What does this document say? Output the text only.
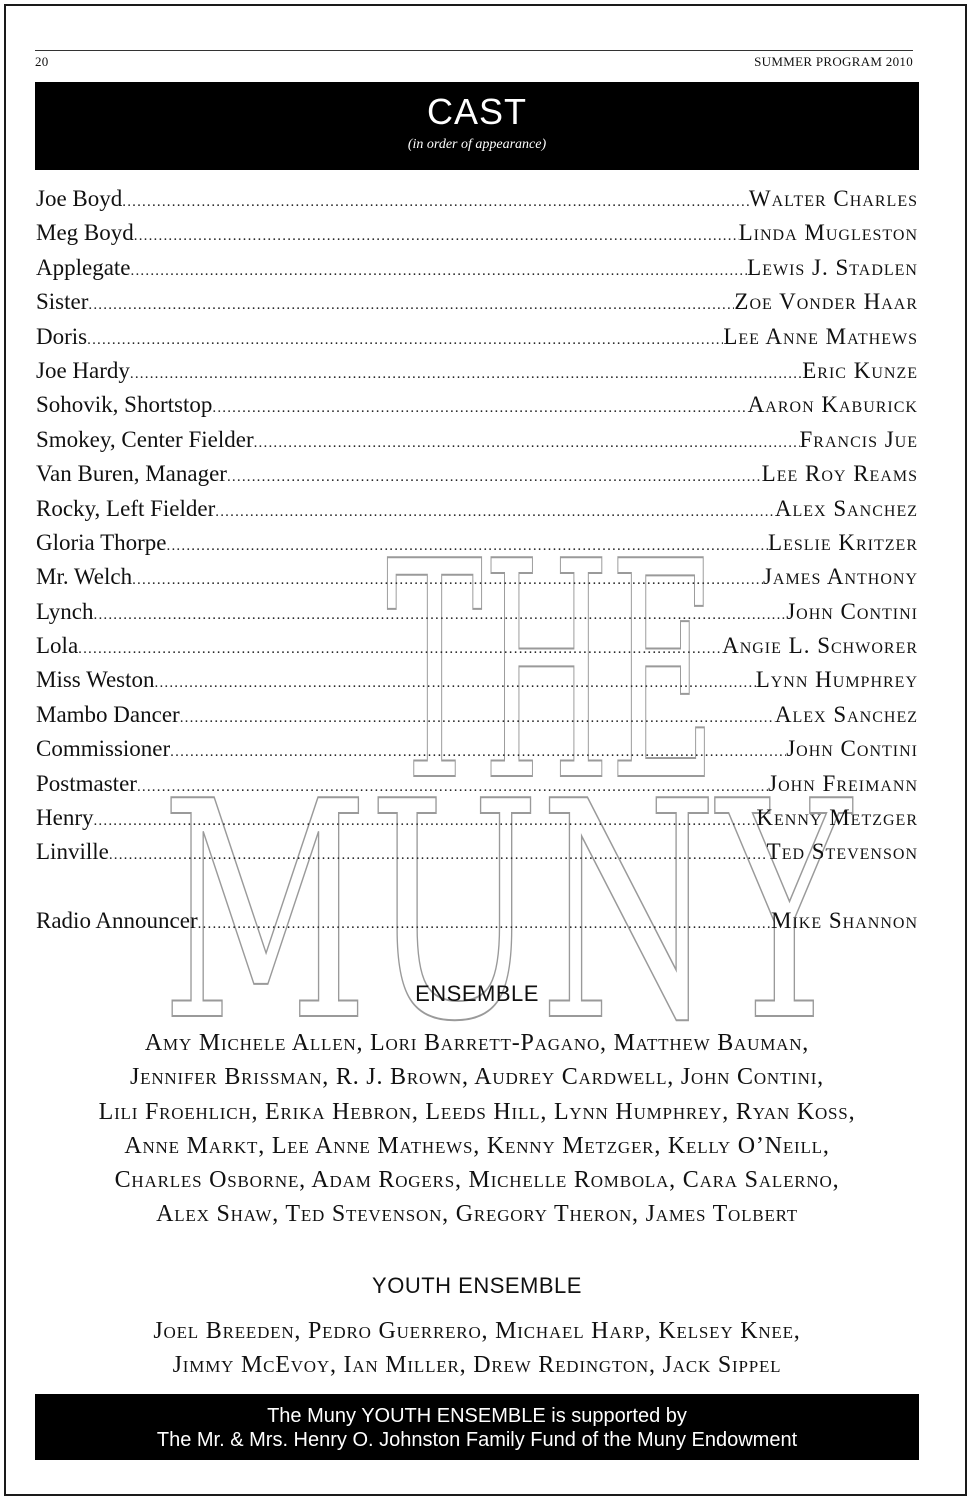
THE
MUNY
20	SUMMER PROGRAM 2010
CAST
(in order of appearance)
Joe Boyd .....	Walter Charles
Meg Boyd .....	Linda Mugleston
Applegate .....	Lewis J. Stadlen
Sister .....	Zoe Vonder Haar
Doris .....	Lee Anne Mathews
Joe Hardy .....	Eric Kunze
Sohovik, Shortstop .....	Aaron Kaburick
Smokey, Center Fielder .....	Francis Jue
Van Buren, Manager .....	Lee Roy Reams
Rocky, Left Fielder .....	Alex Sanchez
Gloria Thorpe .....	Leslie Kritzer
Mr. Welch .....	James Anthony
Lynch .....	John Contini
Lola .....	Angie L. Schworer
Miss Weston .....	Lynn Humphrey
Mambo Dancer .....	Alex Sanchez
Commissioner .....	John Contini
Postmaster .....	John Freimann
Henry .....	Kenny Metzger
Linville .....	Ted Stevenson
Radio Announcer .....	Mike Shannon
ENSEMBLE
Amy Michele Allen, Lori Barrett-Pagano, Matthew Bauman,
Jennifer Brissman, R. J. Brown, Audrey Cardwell, John Contini,
Lili Froehlich, Erika Hebron, Leeds Hill, Lynn Humphrey, Ryan Koss,
Anne Markt, Lee Anne Mathews, Kenny Metzger, Kelly O’Neill,
Charles Osborne, Adam Rogers, Michelle Rombola, Cara Salerno,
Alex Shaw, Ted Stevenson, Gregory Theron, James Tolbert
YOUTH ENSEMBLE
Joel Breeden, Pedro Guerrero, Michael Harp, Kelsey Knee,
Jimmy McEvoy, Ian Miller, Drew Redington, Jack Sippel
The Muny YOUTH ENSEMBLE is supported by
The Mr. & Mrs. Henry O. Johnston Family Fund of the Muny Endowment
